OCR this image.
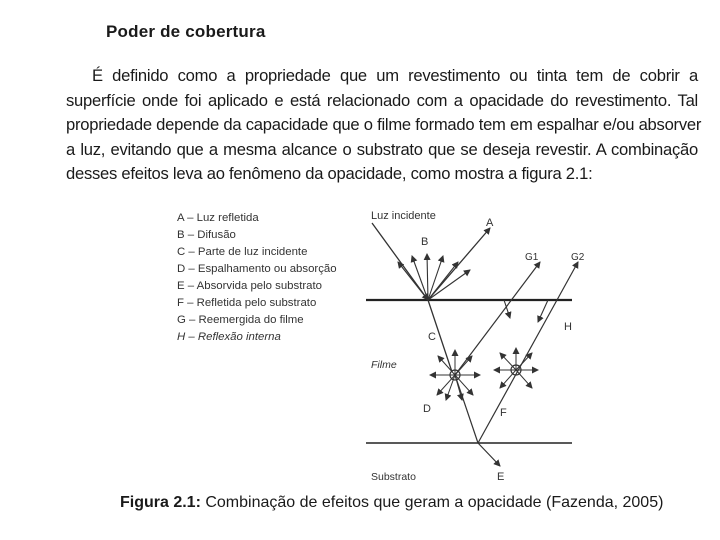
Poder de cobertura
É definido como a propriedade que um revestimento ou tinta tem de cobrir a
superfície onde foi aplicado e está relacionado com a opacidade do revestimento. Tal
propriedade depende da capacidade que o filme formado tem em espalhar e/ou absorver
a luz, evitando que a mesma alcance o substrato que se deseja revestir. A combinação
desses efeitos leva ao fenômeno da opacidade, como mostra a figura 2.1:
A – Luz refletida
B – Difusão
C – Parte de luz incidente
D – Espalhamento ou absorção
E – Absorvida pelo substrato
F – Refletida pelo substrato
G – Reemergida do filme
H – Reflexão interna
Luz incidente
A
B
G1	G2
H
C
Filme
D	F
E
Substrato
Figura 2.1: Combinação de efeitos que geram a opacidade (Fazenda, 2005)
